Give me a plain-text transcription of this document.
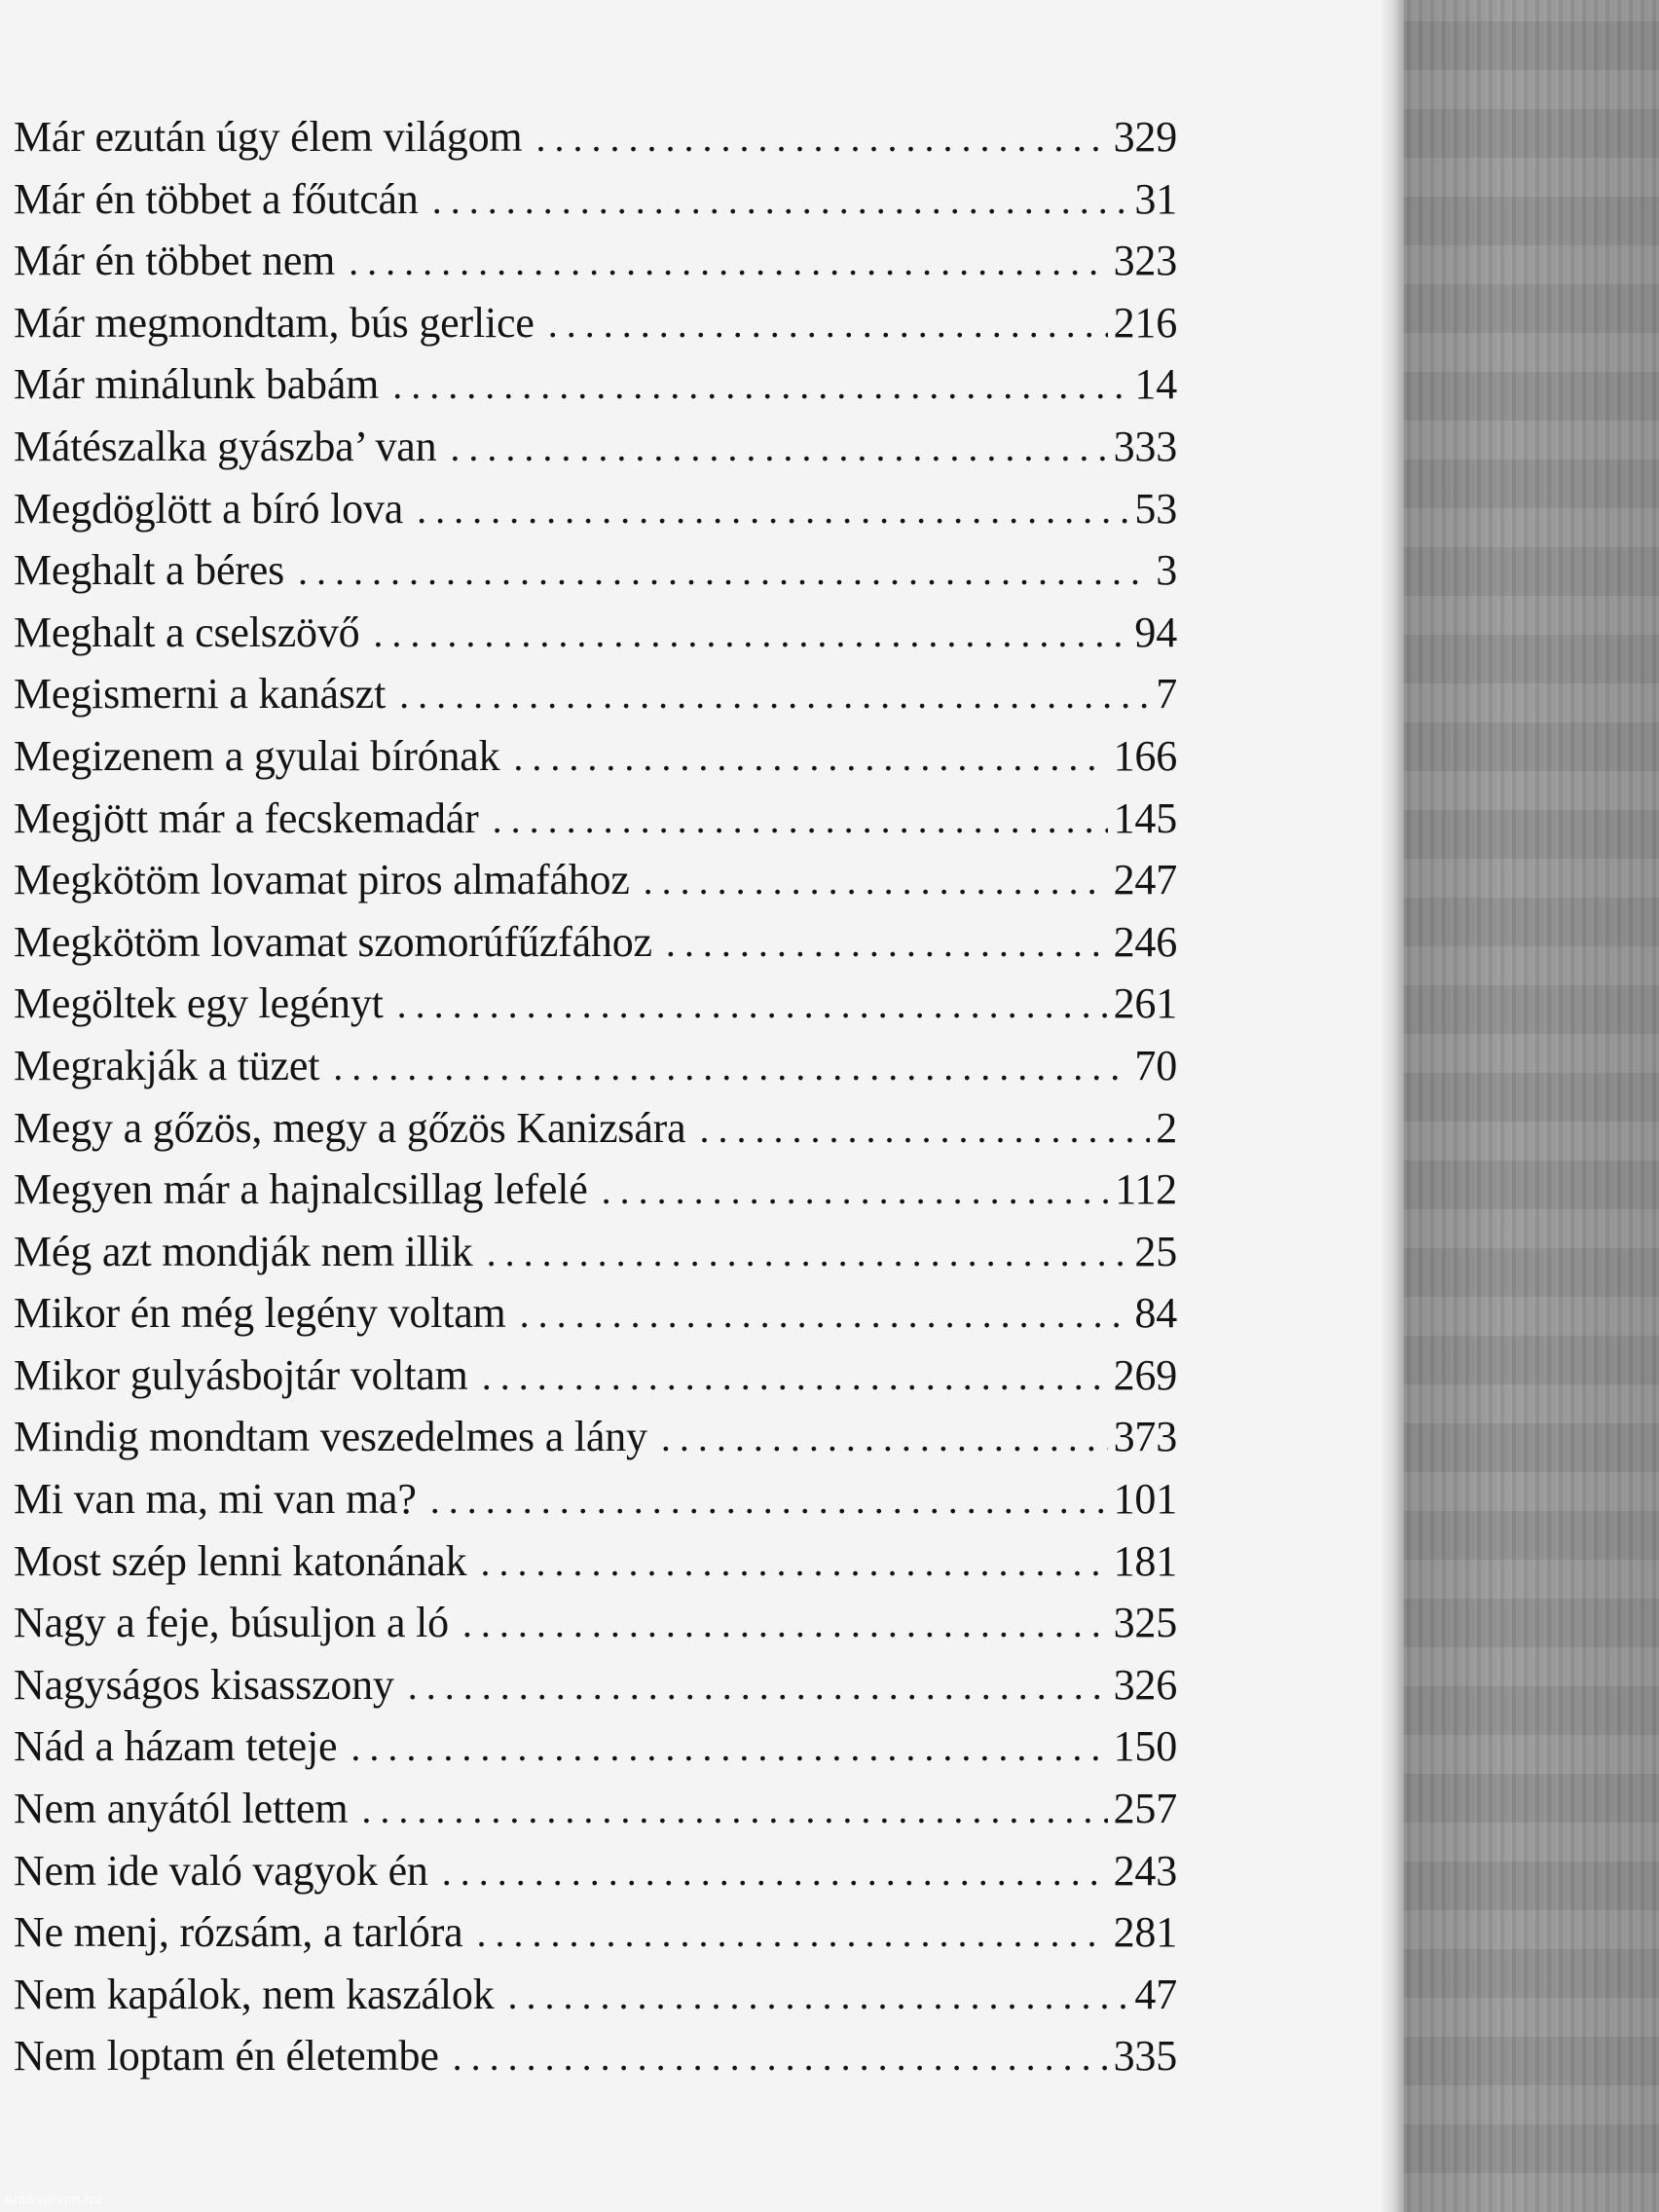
Már ezután úgy élem világom .....	329
Már én többet a főutcán .....	31
Már én többet nem .....	323
Már megmondtam, bús gerlice .....	216
Már minálunk babám .....	14
Mátészalka gyászba’ van .....	333
Megdöglött a bíró lova .....	53
Meghalt a béres .....	3
Meghalt a cselszövő .....	94
Megismerni a kanászt .....	7
Megizenem a gyulai bírónak .....	166
Megjött már a fecskemadár .....	145
Megkötöm lovamat piros almafához .....	247
Megkötöm lovamat szomorúfűzfához .....	246
Megöltek egy legényt .....	261
Megrakják a tüzet .....	70
Megy a gőzös, megy a gőzös Kanizsára .....	2
Megyen már a hajnalcsillag lefelé .....	112
Még azt mondják nem illik .....	25
Mikor én még legény voltam .....	84
Mikor gulyásbojtár voltam .....	269
Mindig mondtam veszedelmes a lány .....	373
Mi van ma, mi van ma? .....	101
Most szép lenni katonának .....	181
Nagy a feje, búsuljon a ló .....	325
Nagyságos kisasszony .....	326
Nád a házam teteje .....	150
Nem anyától lettem .....	257
Nem ide való vagyok én .....	243
Ne menj, rózsám, a tarlóra .....	281
Nem kapálok, nem kaszálok .....	47
Nem loptam én életembe .....	335
Antikvárium.hu
